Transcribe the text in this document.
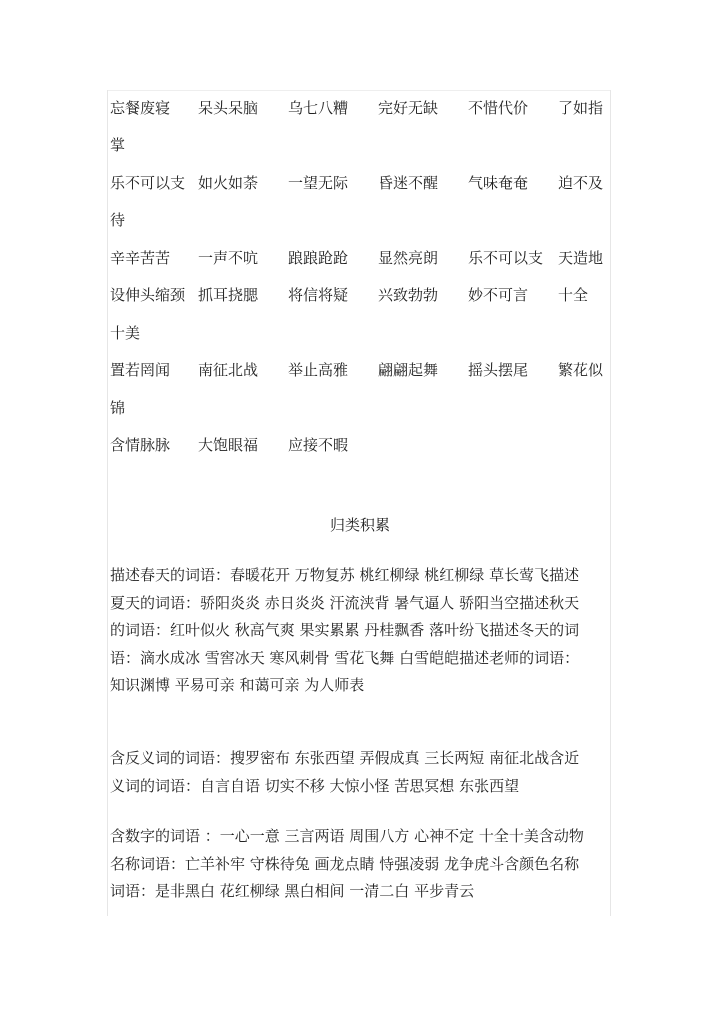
忘餐废寝 呆头呆脑 乌七八糟 完好无缺 不惜代价 了如指
掌
乐不可以支 如火如荼 一望无际 昏迷不醒 气味奄奄 迫不及
待
辛辛苦苦 一声不吭 踉踉跄跄 显然亮朗 乐不可以支 天造地
设伸头缩颈 抓耳挠腮 将信将疑 兴致勃勃 妙不可言 十全
十美
置若罔闻 南征北战 举止高雅 翩翩起舞 摇头摆尾 繁花似
锦
含情脉脉 大饱眼福 应接不暇
归类积累
描述春天的词语：春暖花开 万物复苏 桃红柳绿 桃红柳绿 草长莺飞描述
夏天的词语：骄阳炎炎 赤日炎炎 汗流浃背 暑气逼人 骄阳当空描述秋天
的词语：红叶似火 秋高气爽 果实累累 丹桂飘香 落叶纷飞描述冬天的词
语：滴水成冰 雪窖冰天 寒风刺骨 雪花飞舞 白雪皑皑描述老师的词语：
知识渊博 平易可亲 和蔼可亲 为人师表
含反义词的词语：搜罗密布 东张西望 弄假成真 三长两短 南征北战含近
义词的词语：自言自语 切实不移 大惊小怪 苦思冥想 东张西望
含数字的词语 ：一心一意 三言两语 周围八方 心神不定 十全十美含动物
名称词语：亡羊补牢 守株待兔 画龙点睛 恃强凌弱 龙争虎斗含颜色名称
词语：是非黑白 花红柳绿 黑白相间 一清二白 平步青云
